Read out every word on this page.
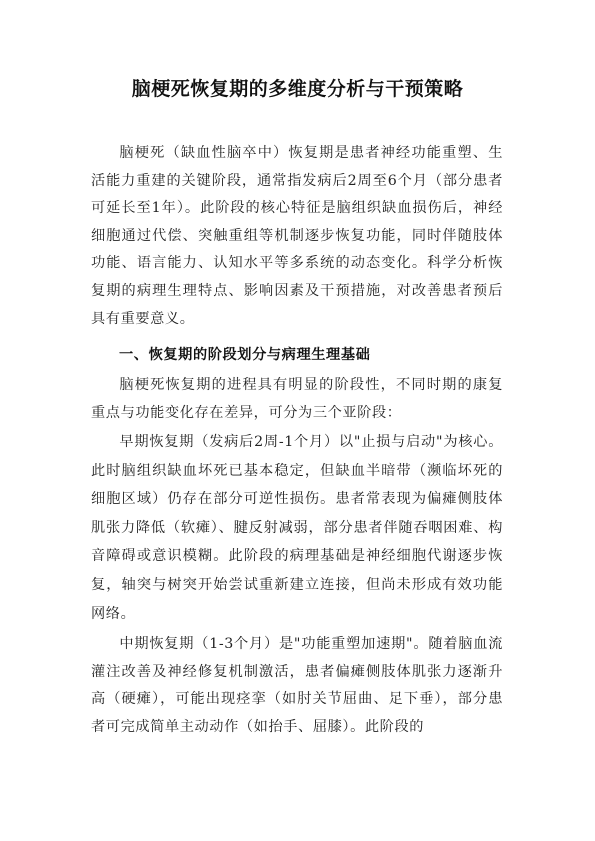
脑梗死恢复期的多维度分析与干预策略

脑梗死（缺血性脑卒中）恢复期是患者神经功能重塑、生活能力重建的关键阶段，通常指发病后2周至6个月（部分患者可延长至1年）。此阶段的核心特征是脑组织缺血损伤后，神经细胞通过代偿、突触重组等机制逐步恢复功能，同时伴随肢体功能、语言能力、认知水平等多系统的动态变化。科学分析恢复期的病理生理特点、影响因素及干预措施，对改善患者预后具有重要意义。

一、恢复期的阶段划分与病理生理基础

脑梗死恢复期的进程具有明显的阶段性，不同时期的康复重点与功能变化存在差异，可分为三个亚阶段：

早期恢复期（发病后2周-1个月）以"止损与启动"为核心。此时脑组织缺血坏死已基本稳定，但缺血半暗带（濒临坏死的细胞区域）仍存在部分可逆性损伤。患者常表现为偏瘫侧肢体肌张力降低（软瘫）、腱反射减弱，部分患者伴随吞咽困难、构音障碍或意识模糊。此阶段的病理基础是神经细胞代谢逐步恢复，轴突与树突开始尝试重新建立连接，但尚未形成有效功能网络。

中期恢复期（1-3个月）是"功能重塑加速期"。随着脑血流灌注改善及神经修复机制激活，患者偏瘫侧肢体肌张力逐渐升高（硬瘫），可能出现痉挛（如肘关节屈曲、足下垂），部分患者可完成简单主动动作（如抬手、屈膝）。此阶段的
